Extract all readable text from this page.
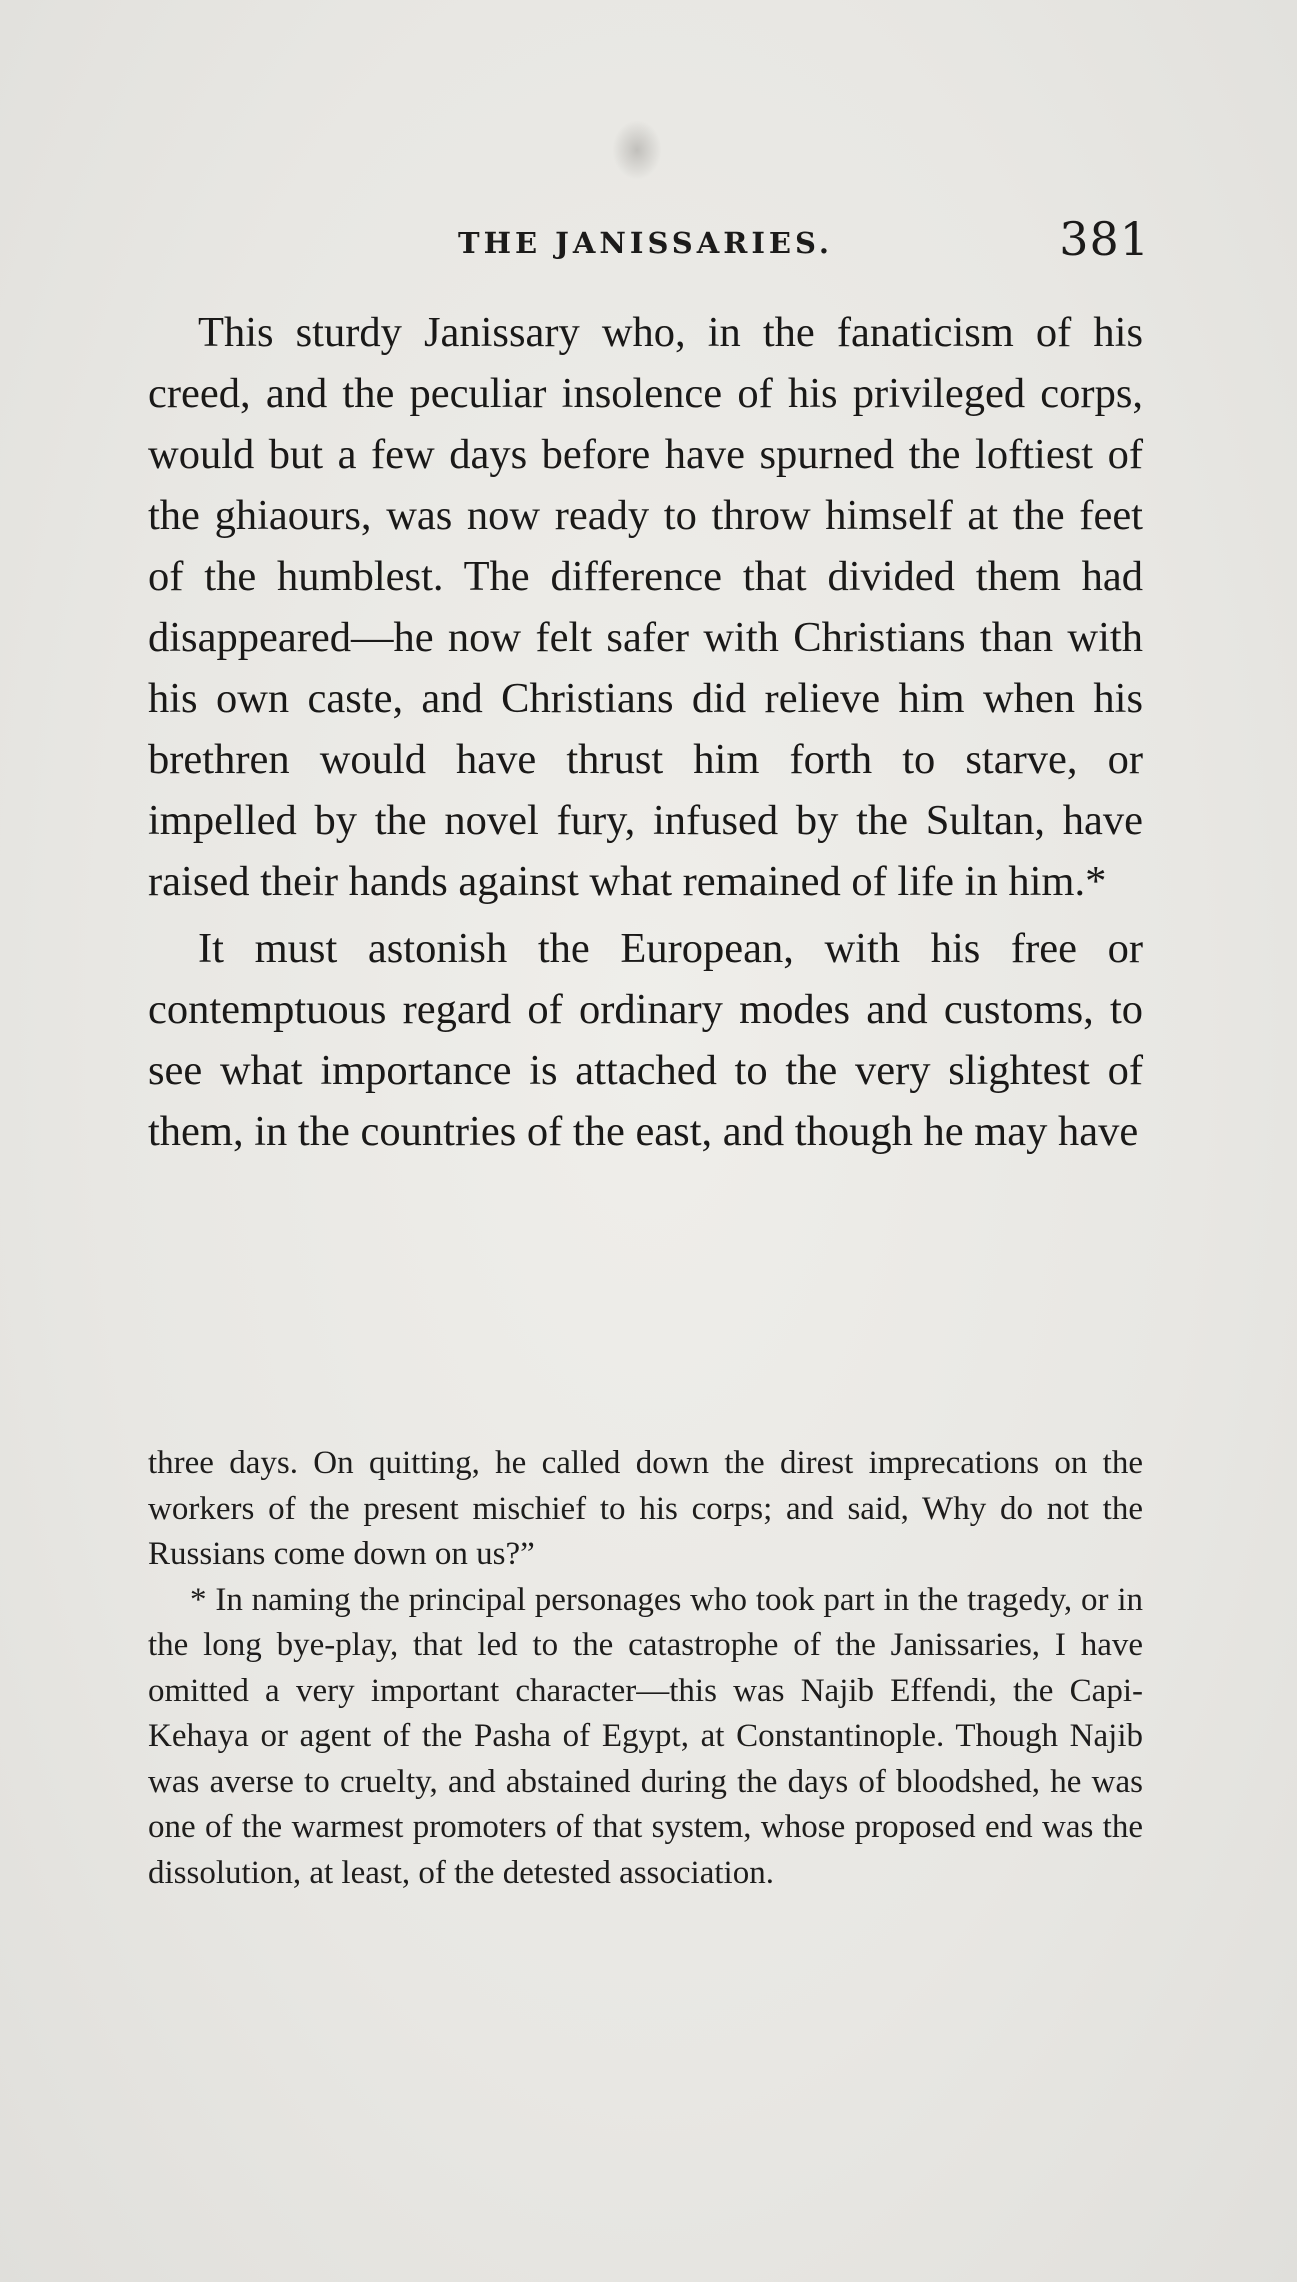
THE JANISSARIES.	381

This sturdy Janissary who, in the fanaticism of his creed, and the peculiar insolence of his privileged corps, would but a few days before have spurned the loftiest of the ghiaours, was now ready to throw himself at the feet of the humblest. The difference that divided them had disappeared—he now felt safer with Christians than with his own caste, and Christians did relieve him when his brethren would have thrust him forth to starve, or impelled by the novel fury, infused by the Sultan, have raised their hands against what remained of life in him.*

It must astonish the European, with his free or contemptuous regard of ordinary modes and customs, to see what importance is attached to the very slightest of them, in the countries of the east, and though he may have

three days. On quitting, he called down the direst imprecations on the workers of the present mischief to his corps; and said, Why do not the Russians come down on us?”

* In naming the principal personages who took part in the tragedy, or in the long bye-play, that led to the catastrophe of the Janissaries, I have omitted a very important character—this was Najib Effendi, the Capi-Kehaya or agent of the Pasha of Egypt, at Constantinople. Though Najib was averse to cruelty, and abstained during the days of bloodshed, he was one of the warmest promoters of that system, whose proposed end was the dissolution, at least, of the detested association.
